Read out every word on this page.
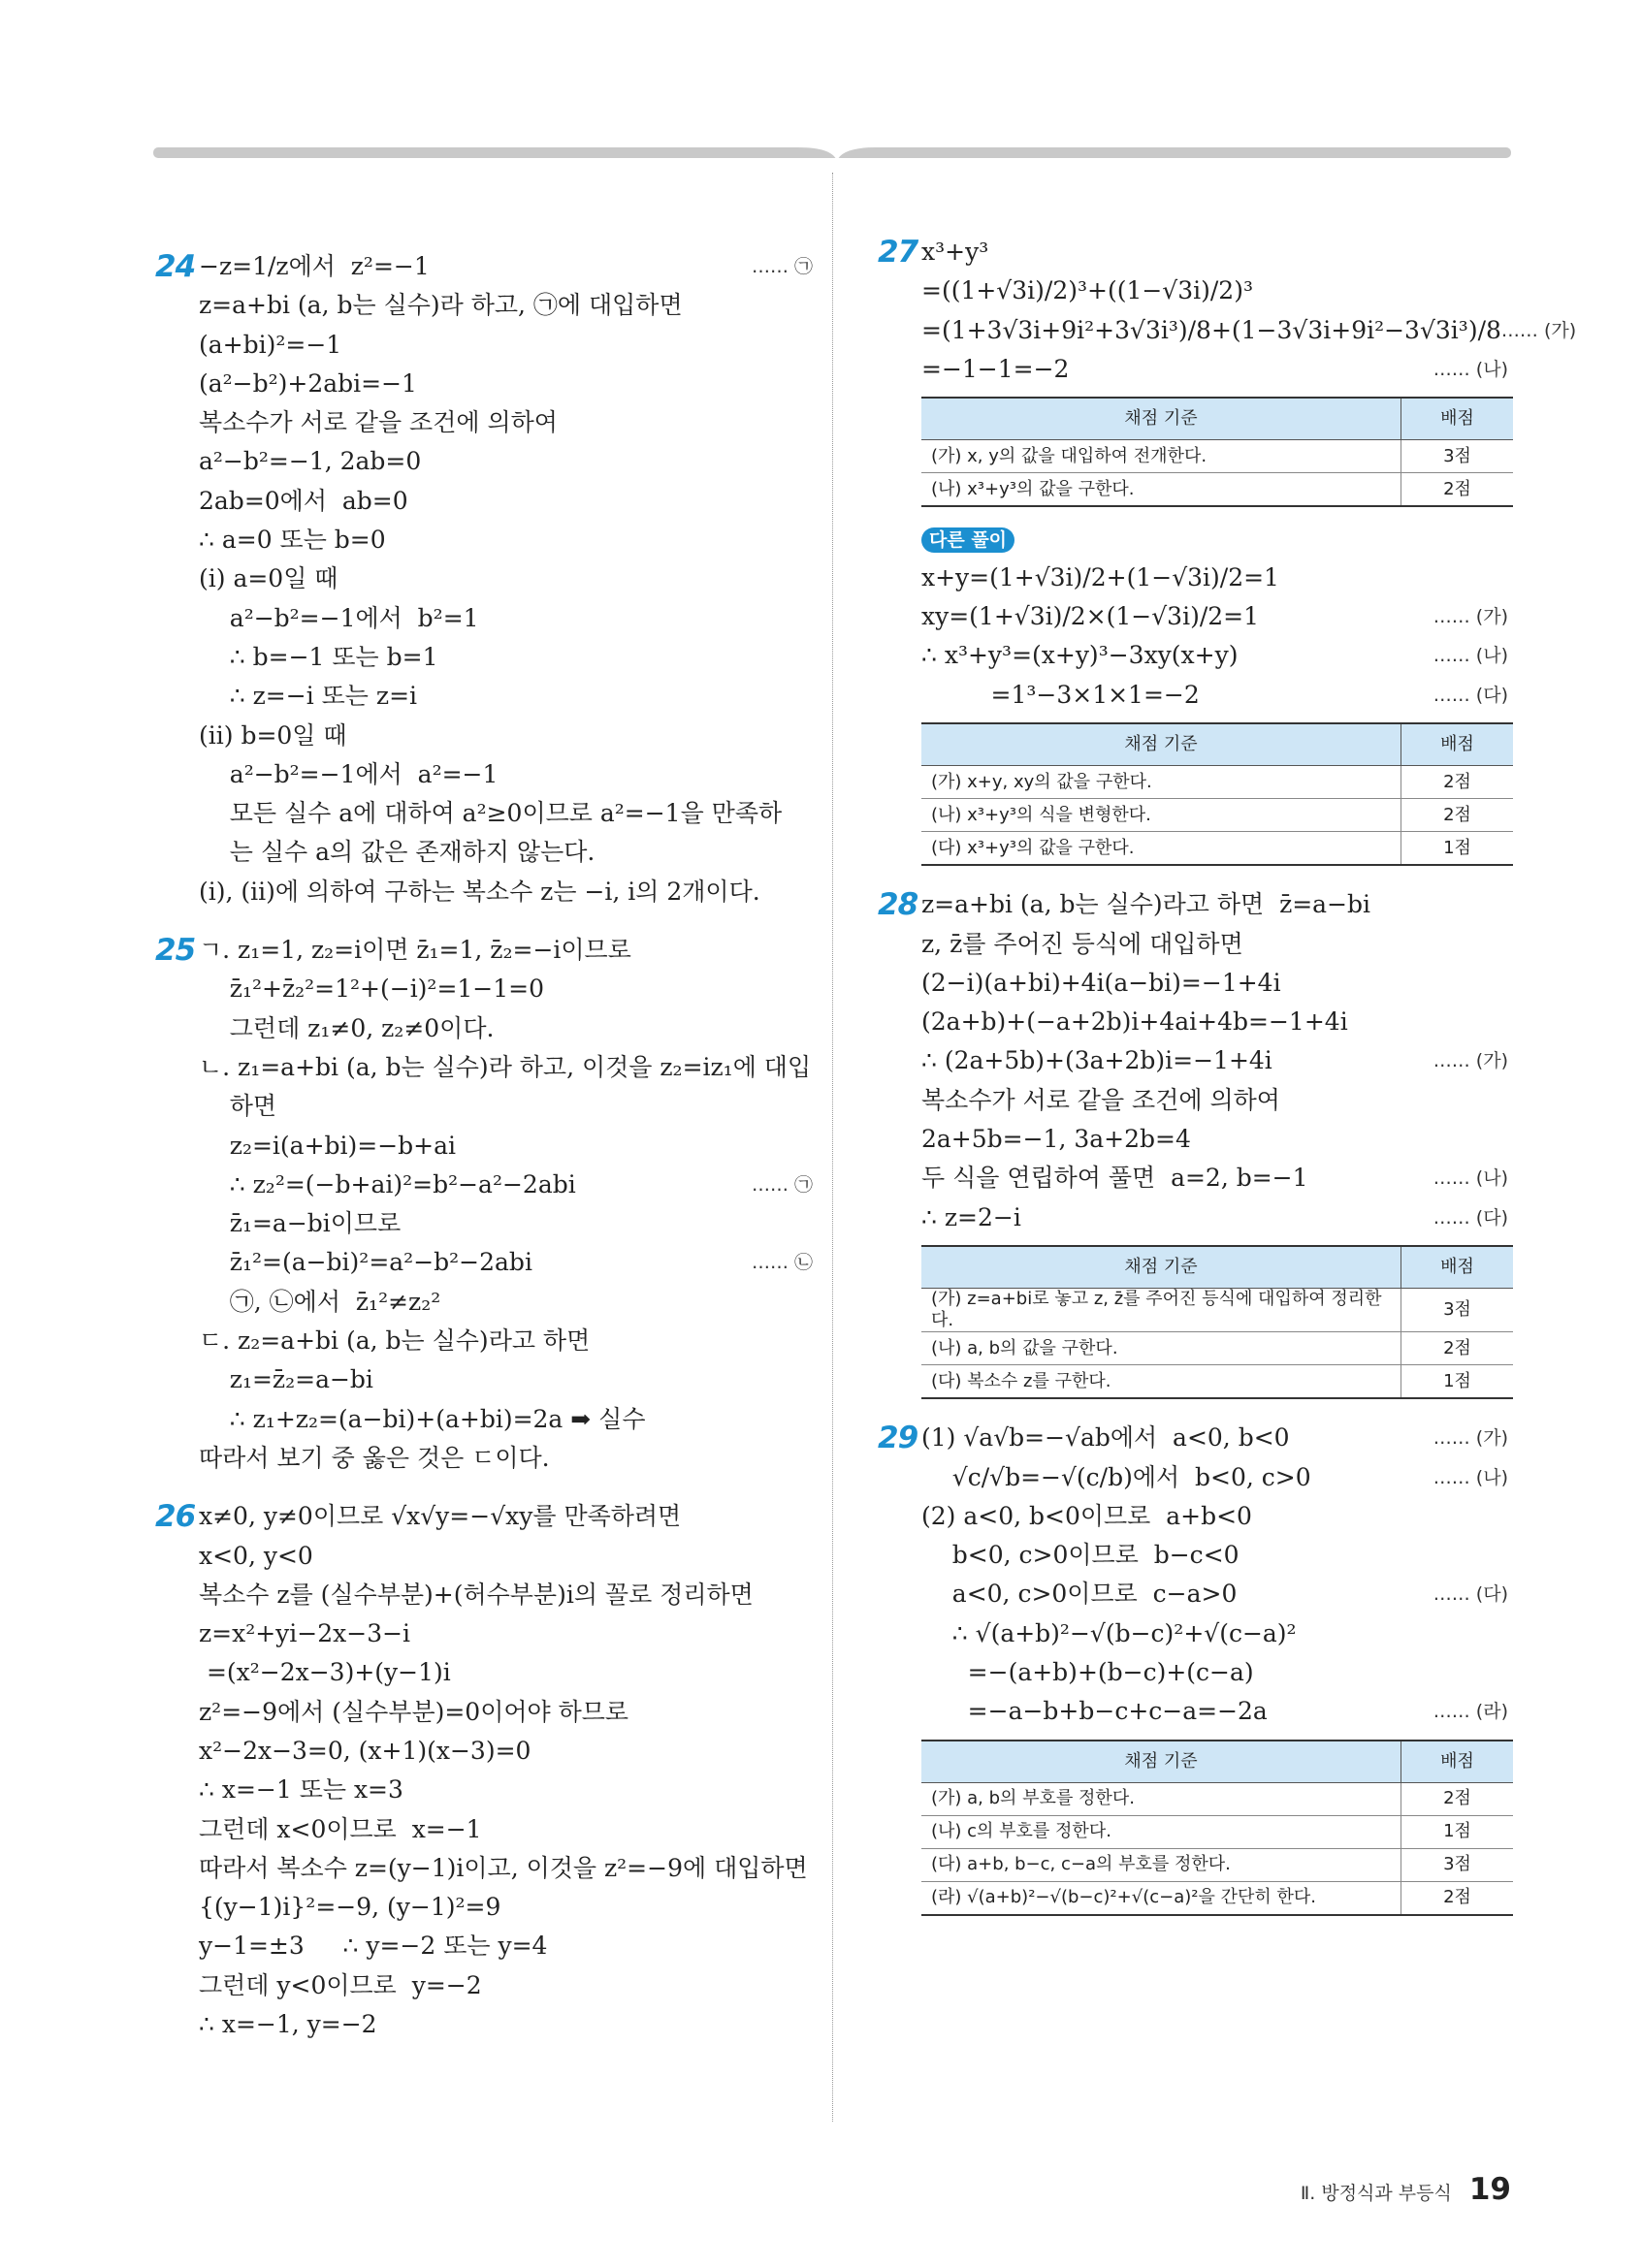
24 −z=1/z에서  z²=−1	…… ㉠
z=a+bi (a, b는 실수)라 하고, ㉠에 대입하면
(a+bi)²=−1
(a²−b²)+2abi=−1
복소수가 서로 같을 조건에 의하여
a²−b²=−1, 2ab=0
2ab=0에서  ab=0
∴ a=0 또는 b=0
(ⅰ) a=0일 때
a²−b²=−1에서  b²=1
∴ b=−1 또는 b=1
∴ z=−i 또는 z=i
(ⅱ) b=0일 때
a²−b²=−1에서  a²=−1
모든 실수 a에 대하여 a²≥0이므로 a²=−1을 만족하
는 실수 a의 값은 존재하지 않는다.
(ⅰ), (ⅱ)에 의하여 구하는 복소수 z는 −i, i의 2개이다.
25 ㄱ. z₁=1, z₂=i이면 z̄₁=1, z̄₂=−i이므로
z̄₁²+z̄₂²=1²+(−i)²=1−1=0
그런데 z₁≠0, z₂≠0이다.
ㄴ. z₁=a+bi (a, b는 실수)라 하고, 이것을 z₂=iz₁에 대입
하면
z₂=i(a+bi)=−b+ai
∴ z₂²=(−b+ai)²=b²−a²−2abi	…… ㉠
z̄₁=a−bi이므로
z̄₁²=(a−bi)²=a²−b²−2abi	…… ㉡
㉠, ㉡에서  z̄₁²≠z₂²
ㄷ. z₂=a+bi (a, b는 실수)라고 하면
z₁=z̄₂=a−bi
∴ z₁+z₂=(a−bi)+(a+bi)=2a ➡ 실수
따라서 보기 중 옳은 것은 ㄷ이다.
26 x≠0, y≠0이므로 √x√y=−√xy를 만족하려면
x<0, y<0
복소수 z를 (실수부분)+(허수부분)i의 꼴로 정리하면
z=x²+yi−2x−3−i
=(x²−2x−3)+(y−1)i
z²=−9에서 (실수부분)=0이어야 하므로
x²−2x−3=0, (x+1)(x−3)=0
∴ x=−1 또는 x=3
그런데 x<0이므로  x=−1
따라서 복소수 z=(y−1)i이고, 이것을 z²=−9에 대입하면
{(y−1)i}²=−9, (y−1)²=9
y−1=±3     ∴ y=−2 또는 y=4
그런데 y<0이므로  y=−2
∴ x=−1, y=−2
27 x³+y³
=((1+√3i)/2)³+((1−√3i)/2)³
=(1+3√3i+9i²+3√3i³)/8+(1−3√3i+9i²−3√3i³)/8 …… (가)
=−1−1=−2	…… (나)
채점 기준	배점
(가) x, y의 값을 대입하여 전개한다.	3점
(나) x³+y³의 값을 구한다.	2점
다른 풀이
x+y=(1+√3i)/2+(1−√3i)/2=1
xy=(1+√3i)/2×(1−√3i)/2=1	…… (가)
∴ x³+y³=(x+y)³−3xy(x+y)	…… (나)
=1³−3×1×1=−2	…… (다)
채점 기준	배점
(가) x+y, xy의 값을 구한다.	2점
(나) x³+y³의 식을 변형한다.	2점
(다) x³+y³의 값을 구한다.	1점
28 z=a+bi (a, b는 실수)라고 하면  z̄=a−bi
z, z̄를 주어진 등식에 대입하면
(2−i)(a+bi)+4i(a−bi)=−1+4i
(2a+b)+(−a+2b)i+4ai+4b=−1+4i
∴ (2a+5b)+(3a+2b)i=−1+4i	…… (가)
복소수가 서로 같을 조건에 의하여
2a+5b=−1, 3a+2b=4
두 식을 연립하여 풀면  a=2, b=−1	…… (나)
∴ z=2−i	…… (다)
채점 기준	배점
(가) z=a+bi로 놓고 z, z̄를 주어진 등식에 대입하여 정리한다.	3점
(나) a, b의 값을 구한다.	2점
(다) 복소수 z를 구한다.	1점
29 (1) √a√b=−√ab에서  a<0, b<0	…… (가)
√c/√b=−√(c/b)에서  b<0, c>0	…… (나)
(2) a<0, b<0이므로  a+b<0
b<0, c>0이므로  b−c<0
a<0, c>0이므로  c−a>0	…… (다)
∴ √(a+b)²−√(b−c)²+√(c−a)²
=−(a+b)+(b−c)+(c−a)
=−a−b+b−c+c−a=−2a	…… (라)
채점 기준	배점
(가) a, b의 부호를 정한다.	2점
(나) c의 부호를 정한다.	1점
(다) a+b, b−c, c−a의 부호를 정한다.	3점
(라) √(a+b)²−√(b−c)²+√(c−a)²을 간단히 한다.	2점
Ⅱ. 방정식과 부등식 19
